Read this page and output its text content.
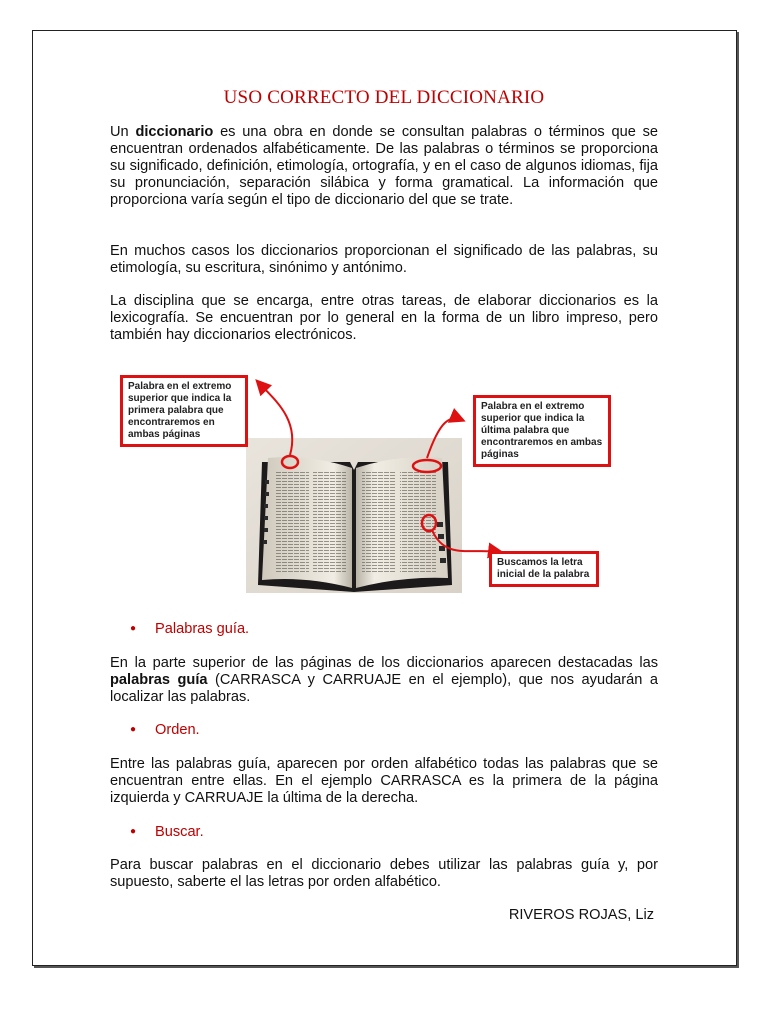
USO CORRECTO DEL DICCIONARIO
Un diccionario es una obra en donde se consultan palabras o términos que se encuentran ordenados alfabéticamente. De las palabras o términos se proporciona su significado, definición, etimología, ortografía, y en el caso de algunos idiomas, fija su pronunciación, separación silábica y forma gramatical. La información que proporciona varía según el tipo de diccionario del que se trate.
En muchos casos los diccionarios proporcionan el significado de las palabras, su etimología, su escritura, sinónimo y antónimo.
La disciplina que se encarga, entre otras tareas, de elaborar diccionarios es la lexicografía. Se encuentran por lo general en la forma de un libro impreso, pero también hay diccionarios electrónicos.
Palabra en el extremo superior que indica la primera palabra que encontraremos en ambas páginas
Palabra en el extremo superior que indica la última palabra que encontraremos en ambas páginas
Buscamos la letra inicial de la palabra
● Palabras guía.
En la parte superior de las páginas de los diccionarios aparecen destacadas las palabras guía (CARRASCA y CARRUAJE en el ejemplo), que nos ayudarán a localizar las palabras.
● Orden.
Entre las palabras guía, aparecen por orden alfabético todas las palabras que se encuentran entre ellas. En el ejemplo CARRASCA es la primera de la página izquierda y CARRUAJE la última de la derecha.
● Buscar.
Para buscar palabras en el diccionario debes utilizar las palabras guía y, por supuesto, saberte el las letras por orden alfabético.
RIVEROS ROJAS, Liz
